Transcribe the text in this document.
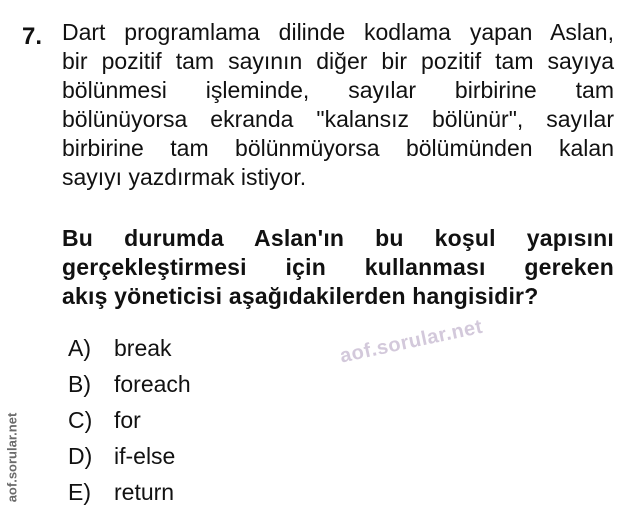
7. Dart programlama dilinde kodlama yapan Aslan,
bir pozitif tam sayının diğer bir pozitif tam sayıya
bölünmesi işleminde, sayılar birbirine tam
bölünüyorsa ekranda "kalansız bölünür", sayılar
birbirine tam bölünmüyorsa bölümünden kalan
sayıyı yazdırmak istiyor.
Bu durumda Aslan'ın bu koşul yapısını
gerçekleştirmesi için kullanması gereken
akış yöneticisi aşağıdakilerden hangisidir?
A)	break
B)	foreach
C) for
D) if-else
E)	return
aof.sorular.net
aof.sorular.net
